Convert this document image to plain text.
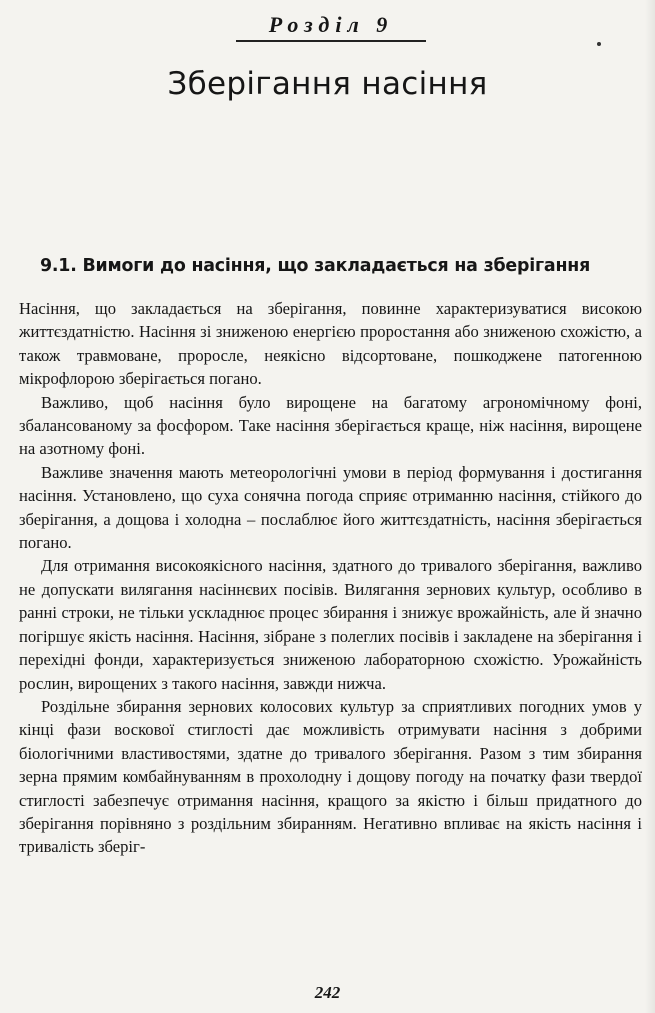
Розділ 9
Зберігання насіння
9.1. Вимоги до насіння, що закладається на зберігання

Насіння, що закладається на зберігання, повинне характеризуватися високою життєздатністю. Насіння зі зниженою енергією проростання або зниженою схожістю, а також травмоване, проросле, неякісно відсортоване, пошкоджене патогенною мікрофлорою зберігається погано.

Важливо, щоб насіння було вирощене на багатому агрономічному фоні, збалансованому за фосфором. Таке насіння зберігається краще, ніж насіння, вирощене на азотному фоні.

Важливе значення мають метеорологічні умови в період формування і достигання насіння. Установлено, що суха сонячна погода сприяє отриманню насіння, стійкого до зберігання, а дощова і холодна – послаблює його життєздатність, насіння зберігається погано.

Для отримання високоякісного насіння, здатного до тривалого зберігання, важливо не допускати вилягання насіннєвих посівів. Вилягання зернових культур, особливо в ранні строки, не тільки ускладнює процес збирання і знижує врожайність, але й значно погіршує якість насіння. Насіння, зібране з полеглих посівів і закладене на зберігання і перехідні фонди, характеризується зниженою лабораторною схожістю. Урожайність рослин, вирощених з такого насіння, завжди нижча.

Роздільне збирання зернових колосових культур за сприятливих погодних умов у кінці фази воскової стиглості дає можливість отримувати насіння з добрими біологічними властивостями, здатне до тривалого зберігання. Разом з тим збирання зерна прямим комбайнуванням в прохолодну і дощову погоду на початку фази твердої стиглості забезпечує отримання насіння, кращого за якістю і більш придатного до зберігання порівняно з роздільним збиранням. Негативно впливає на якість насіння і тривалість зберіг-

242
